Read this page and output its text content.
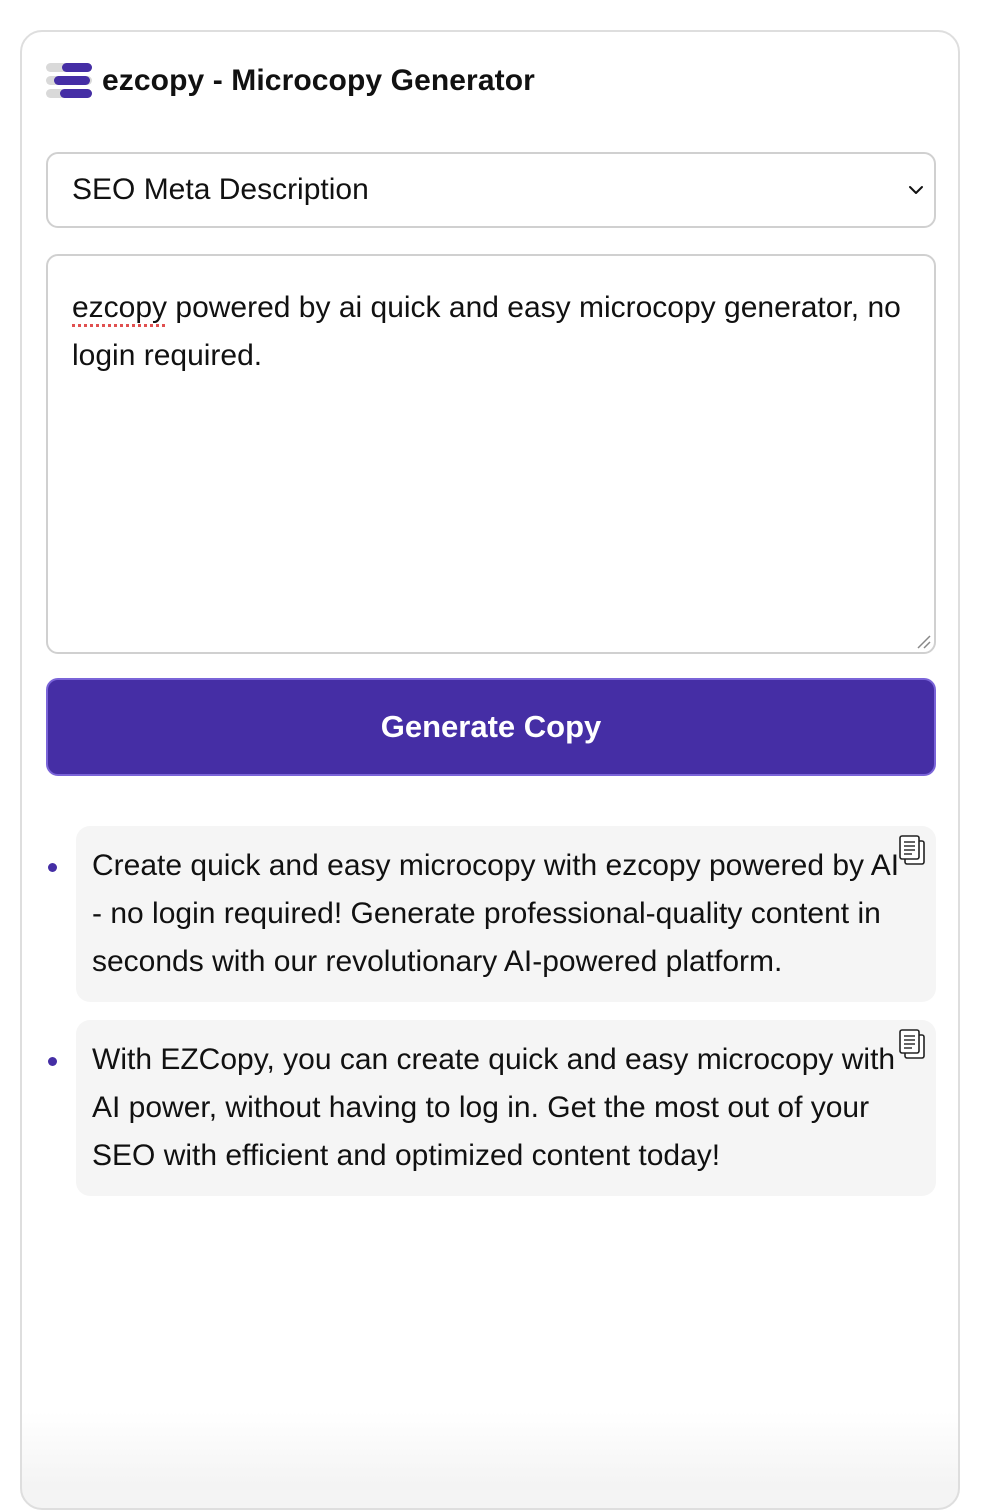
ezcopy - Microcopy Generator
SEO Meta Description
ezcopy powered by ai quick and easy microcopy generator, no login required.
Generate Copy
Create quick and easy microcopy with ezcopy powered by AI - no login required! Generate professional-quality content in seconds with our revolutionary AI-powered platform.
With EZCopy, you can create quick and easy microcopy with AI power, without having to log in. Get the most out of your SEO with efficient and optimized content today!
